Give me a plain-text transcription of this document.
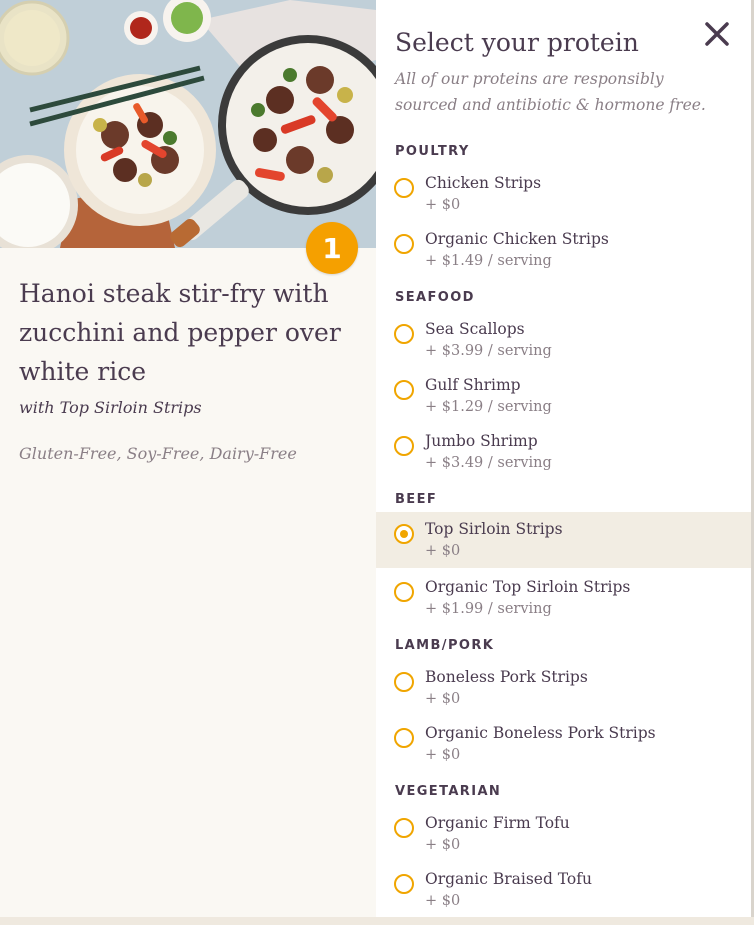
1
Hanoi steak stir-fry with zucchini and pepper over white rice
with Top Sirloin Strips
Gluten-Free, Soy-Free, Dairy-Free
Select your protein
All of our proteins are responsibly sourced and antibiotic & hormone free.
POULTRY
Chicken Strips
+ $0
Organic Chicken Strips
+ $1.49 / serving
SEAFOOD
Sea Scallops
+ $3.99 / serving
Gulf Shrimp
+ $1.29 / serving
Jumbo Shrimp
+ $3.49 / serving
BEEF
Top Sirloin Strips
+ $0
Organic Top Sirloin Strips
+ $1.99 / serving
LAMB/PORK
Boneless Pork Strips
+ $0
Organic Boneless Pork Strips
+ $0
VEGETARIAN
Organic Firm Tofu
+ $0
Organic Braised Tofu
+ $0
